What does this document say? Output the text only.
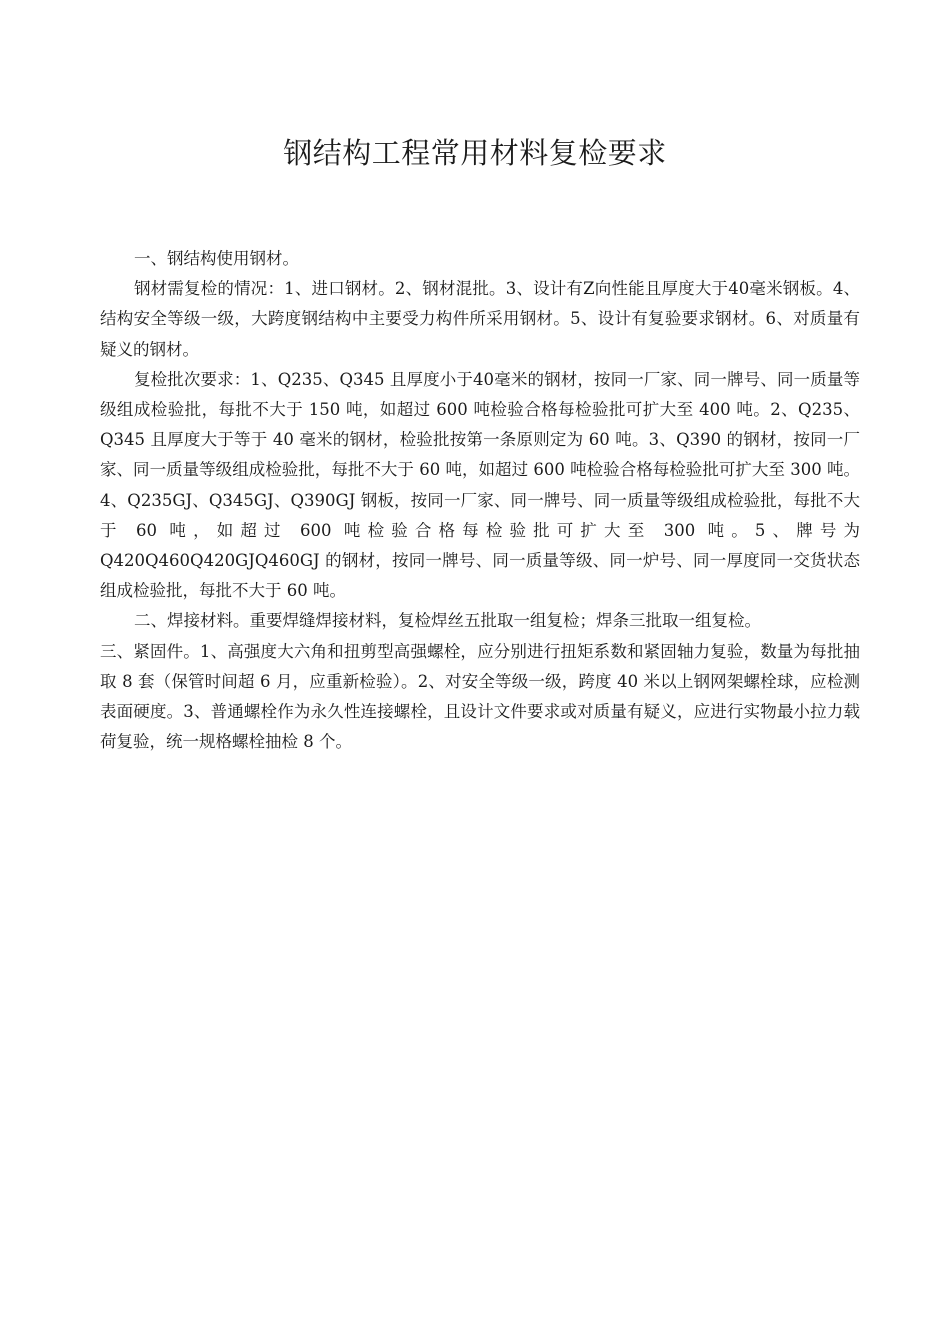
钢结构工程常用材料复检要求

一、钢结构使用钢材。

钢材需复检的情况：1、进口钢材。2、钢材混批。3、设计有Z向性能且厚度大于40毫米钢板。4、结构安全等级一级，大跨度钢结构中主要受力构件所采用钢材。5、设计有复验要求钢材。6、对质量有疑义的钢材。

复检批次要求：1、Q235、Q345 且厚度小于40毫米的钢材，按同一厂家、同一牌号、同一质量等级组成检验批，每批不大于 150 吨，如超过 600 吨检验合格每检验批可扩大至 400 吨。2、Q235、Q345 且厚度大于等于 40 毫米的钢材，检验批按第一条原则定为 60 吨。3、Q390 的钢材，按同一厂家、同一质量等级组成检验批，每批不大于 60 吨，如超过 600 吨检验合格每检验批可扩大至 300 吨。4、Q235GJ、Q345GJ、Q390GJ 钢板，按同一厂家、同一牌号、同一质量等级组成检验批，每批不大于 60 吨，如超过 600 吨检验合格每检验批可扩大至 300 吨。5、牌号为 Q420Q460Q420GJQ460GJ 的钢材，按同一牌号、同一质量等级、同一炉号、同一厚度同一交货状态组成检验批，每批不大于 60 吨。

二、焊接材料。重要焊缝焊接材料，复检焊丝五批取一组复检；焊条三批取一组复检。

三、紧固件。1、高强度大六角和扭剪型高强螺栓，应分别进行扭矩系数和紧固轴力复验，数量为每批抽取 8 套（保管时间超 6 月，应重新检验）。2、对安全等级一级，跨度 40 米以上钢网架螺栓球，应检测表面硬度。3、普通螺栓作为永久性连接螺栓，且设计文件要求或对质量有疑义，应进行实物最小拉力载荷复验，统一规格螺栓抽检 8 个。
